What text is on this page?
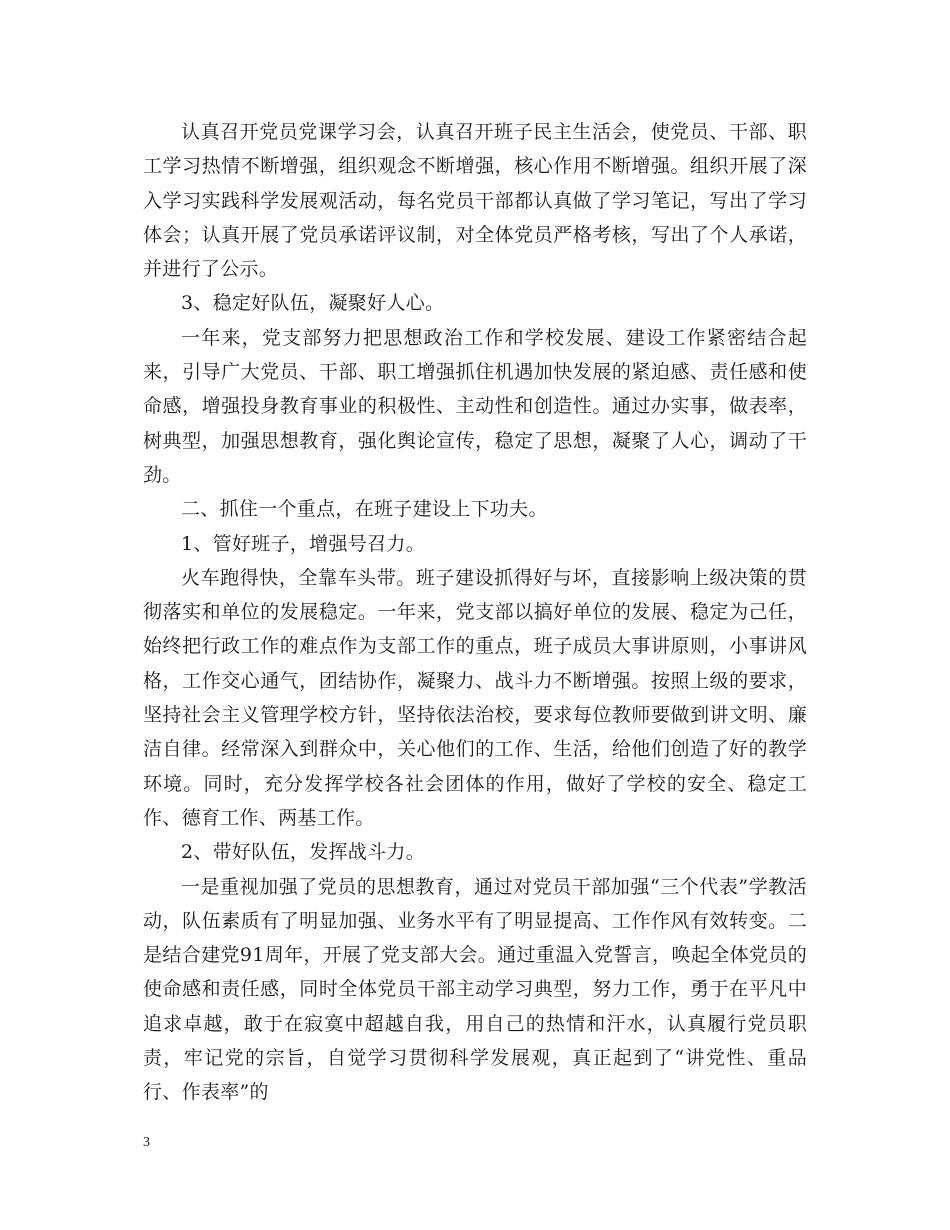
认真召开党员党课学习会，认真召开班子民主生活会，使党员、干部、职工学习热情不断增强，组织观念不断增强，核心作用不断增强。组织开展了深入学习实践科学发展观活动，每名党员干部都认真做了学习笔记，写出了学习体会；认真开展了党员承诺评议制，对全体党员严格考核，写出了个人承诺，并进行了公示。

3、稳定好队伍，凝聚好人心。

一年来，党支部努力把思想政治工作和学校发展、建设工作紧密结合起来，引导广大党员、干部、职工增强抓住机遇加快发展的紧迫感、责任感和使命感，增强投身教育事业的积极性、主动性和创造性。通过办实事，做表率，树典型，加强思想教育，强化舆论宣传，稳定了思想，凝聚了人心，调动了干劲。

二、抓住一个重点，在班子建设上下功夫。

1、管好班子，增强号召力。

火车跑得快，全靠车头带。班子建设抓得好与坏，直接影响上级决策的贯彻落实和单位的发展稳定。一年来，党支部以搞好单位的发展、稳定为己任，始终把行政工作的难点作为支部工作的重点，班子成员大事讲原则，小事讲风格，工作交心通气，团结协作，凝聚力、战斗力不断增强。按照上级的要求，坚持社会主义管理学校方针，坚持依法治校，要求每位教师要做到讲文明、廉洁自律。经常深入到群众中，关心他们的工作、生活，给他们创造了好的教学环境。同时，充分发挥学校各社会团体的作用，做好了学校的安全、稳定工作、德育工作、两基工作。

2、带好队伍，发挥战斗力。

一是重视加强了党员的思想教育，通过对党员干部加强“三个代表”学教活动，队伍素质有了明显加强、业务水平有了明显提高、工作作风有效转变。二是结合建党91周年，开展了党支部大会。通过重温入党誓言，唤起全体党员的使命感和责任感，同时全体党员干部主动学习典型，努力工作，勇于在平凡中追求卓越，敢于在寂寞中超越自我，用自己的热情和汗水，认真履行党员职责，牢记党的宗旨，自觉学习贯彻科学发展观，真正起到了“讲党性、重品行、作表率”的

3
